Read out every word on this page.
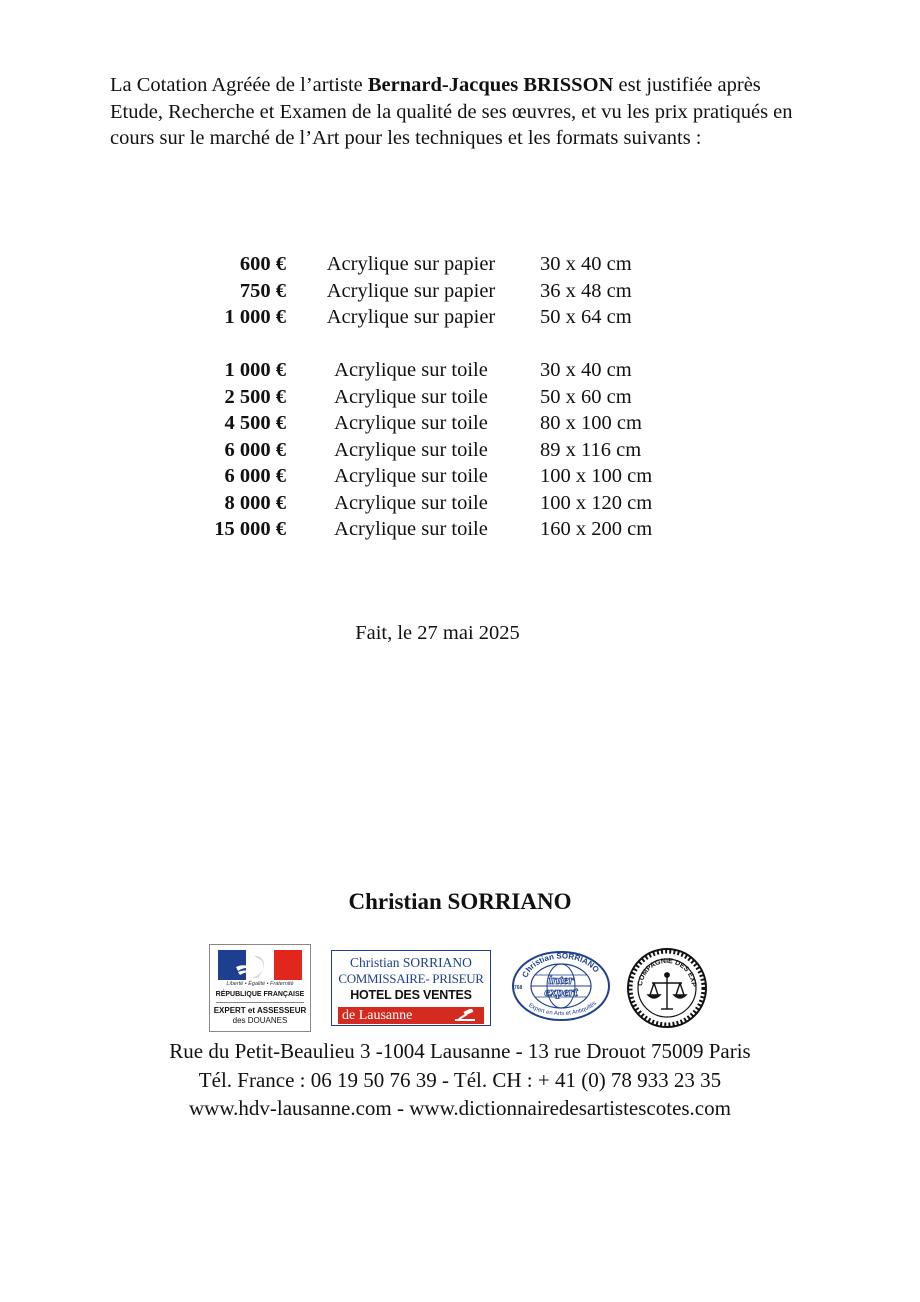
La Cotation Agréée de l’artiste Bernard-Jacques BRISSON est justifiée après Etude, Recherche et Examen de la qualité de ses œuvres, et vu les prix pratiqués en cours sur le marché de l’Art pour les techniques et les formats suivants :

600 €	Acrylique sur papier	30 x 40 cm
750 €	Acrylique sur papier	36 x 48 cm
1 000 €	Acrylique sur papier	50 x 64 cm

1 000 €	Acrylique sur toile	30 x 40 cm
2 500 €	Acrylique sur toile	50 x 60 cm
4 500 €	Acrylique sur toile	80 x 100 cm
6 000 €	Acrylique sur toile	89 x 116 cm
6 000 €	Acrylique sur toile	100 x 100 cm
8 000 €	Acrylique sur toile	100 x 120 cm
15 000 €	Acrylique sur toile	160 x 200 cm
Fait, le 27 mai 2025
Christian SORRIANO
Liberté • Égalité • Fraternité
RÉPUBLIQUE FRANÇAISE
EXPERT et ASSESSEUR
des DOUANES
Christian SORRIANO
COMMISSAIRE- PRISEUR
HOTEL DES VENTES
de Lausanne
Christian SORRIANO
inter
expert
Expert en Arts et Antiquités
768
COMPAGNIE DES EXP
Rue du Petit-Beaulieu 3 -1004 Lausanne - 13 rue Drouot 75009 Paris
Tél. France : 06 19 50 76 39 - Tél. CH : + 41 (0) 78 933 23 35
www.hdv-lausanne.com - www.dictionnairedesartistescotes.com
